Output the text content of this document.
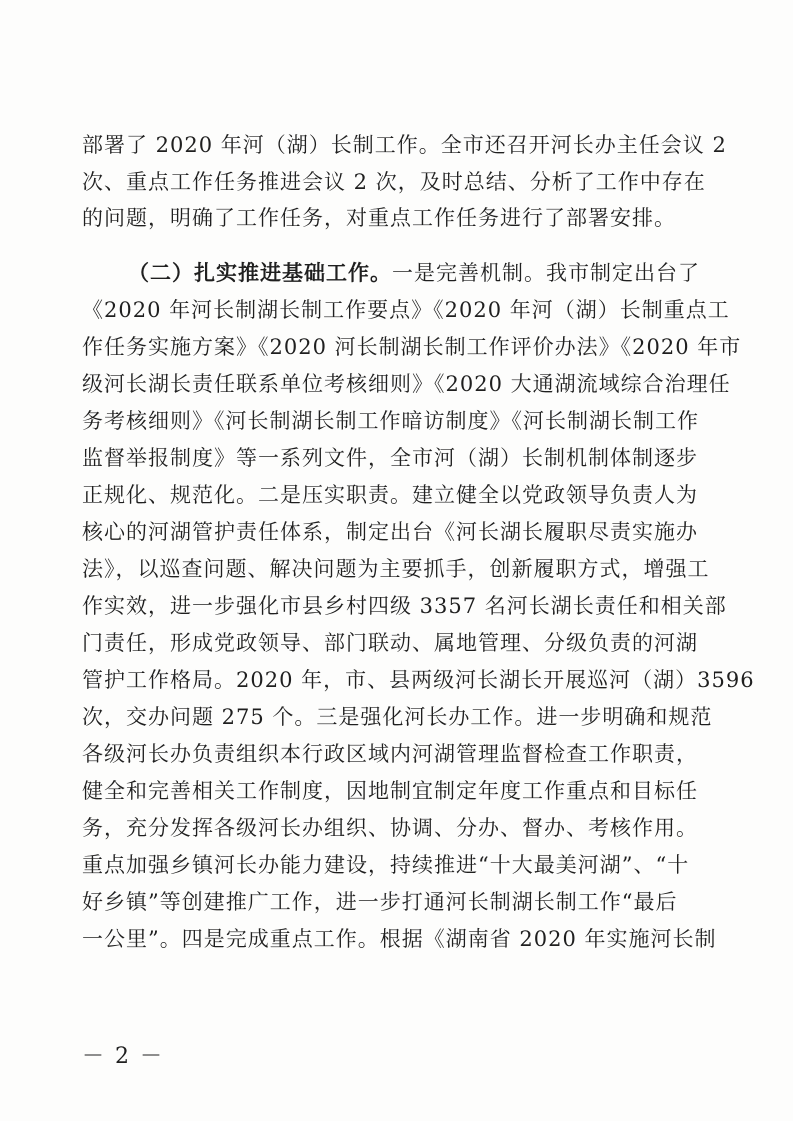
部署了 2020 年河（湖）长制工作。全市还召开河长办主任会议 2
次、重点工作任务推进会议 2 次，及时总结、分析了工作中存在
的问题，明确了工作任务，对重点工作任务进行了部署安排。
（二）扎实推进基础工作。一是完善机制。我市制定出台了
《2020 年河长制湖长制工作要点》《2020 年河（湖）长制重点工
作任务实施方案》《2020 河长制湖长制工作评价办法》《2020 年市
级河长湖长责任联系单位考核细则》《2020 大通湖流域综合治理任
务考核细则》《河长制湖长制工作暗访制度》《河长制湖长制工作
监督举报制度》等一系列文件，全市河（湖）长制机制体制逐步
正规化、规范化。二是压实职责。建立健全以党政领导负责人为
核心的河湖管护责任体系，制定出台《河长湖长履职尽责实施办
法》，以巡查问题、解决问题为主要抓手，创新履职方式，增强工
作实效，进一步强化市县乡村四级 3357 名河长湖长责任和相关部
门责任，形成党政领导、部门联动、属地管理、分级负责的河湖
管护工作格局。2020 年，市、县两级河长湖长开展巡河（湖）3596
次，交办问题 275 个。三是强化河长办工作。进一步明确和规范
各级河长办负责组织本行政区域内河湖管理监督检查工作职责，
健全和完善相关工作制度，因地制宜制定年度工作重点和目标任
务，充分发挥各级河长办组织、协调、分办、督办、考核作用。
重点加强乡镇河长办能力建设，持续推进“十大最美河湖”、“十
好乡镇”等创建推广工作，进一步打通河长制湖长制工作“最后
一公里”。四是完成重点工作。根据《湖南省 2020 年实施河长制
－ 2 －
